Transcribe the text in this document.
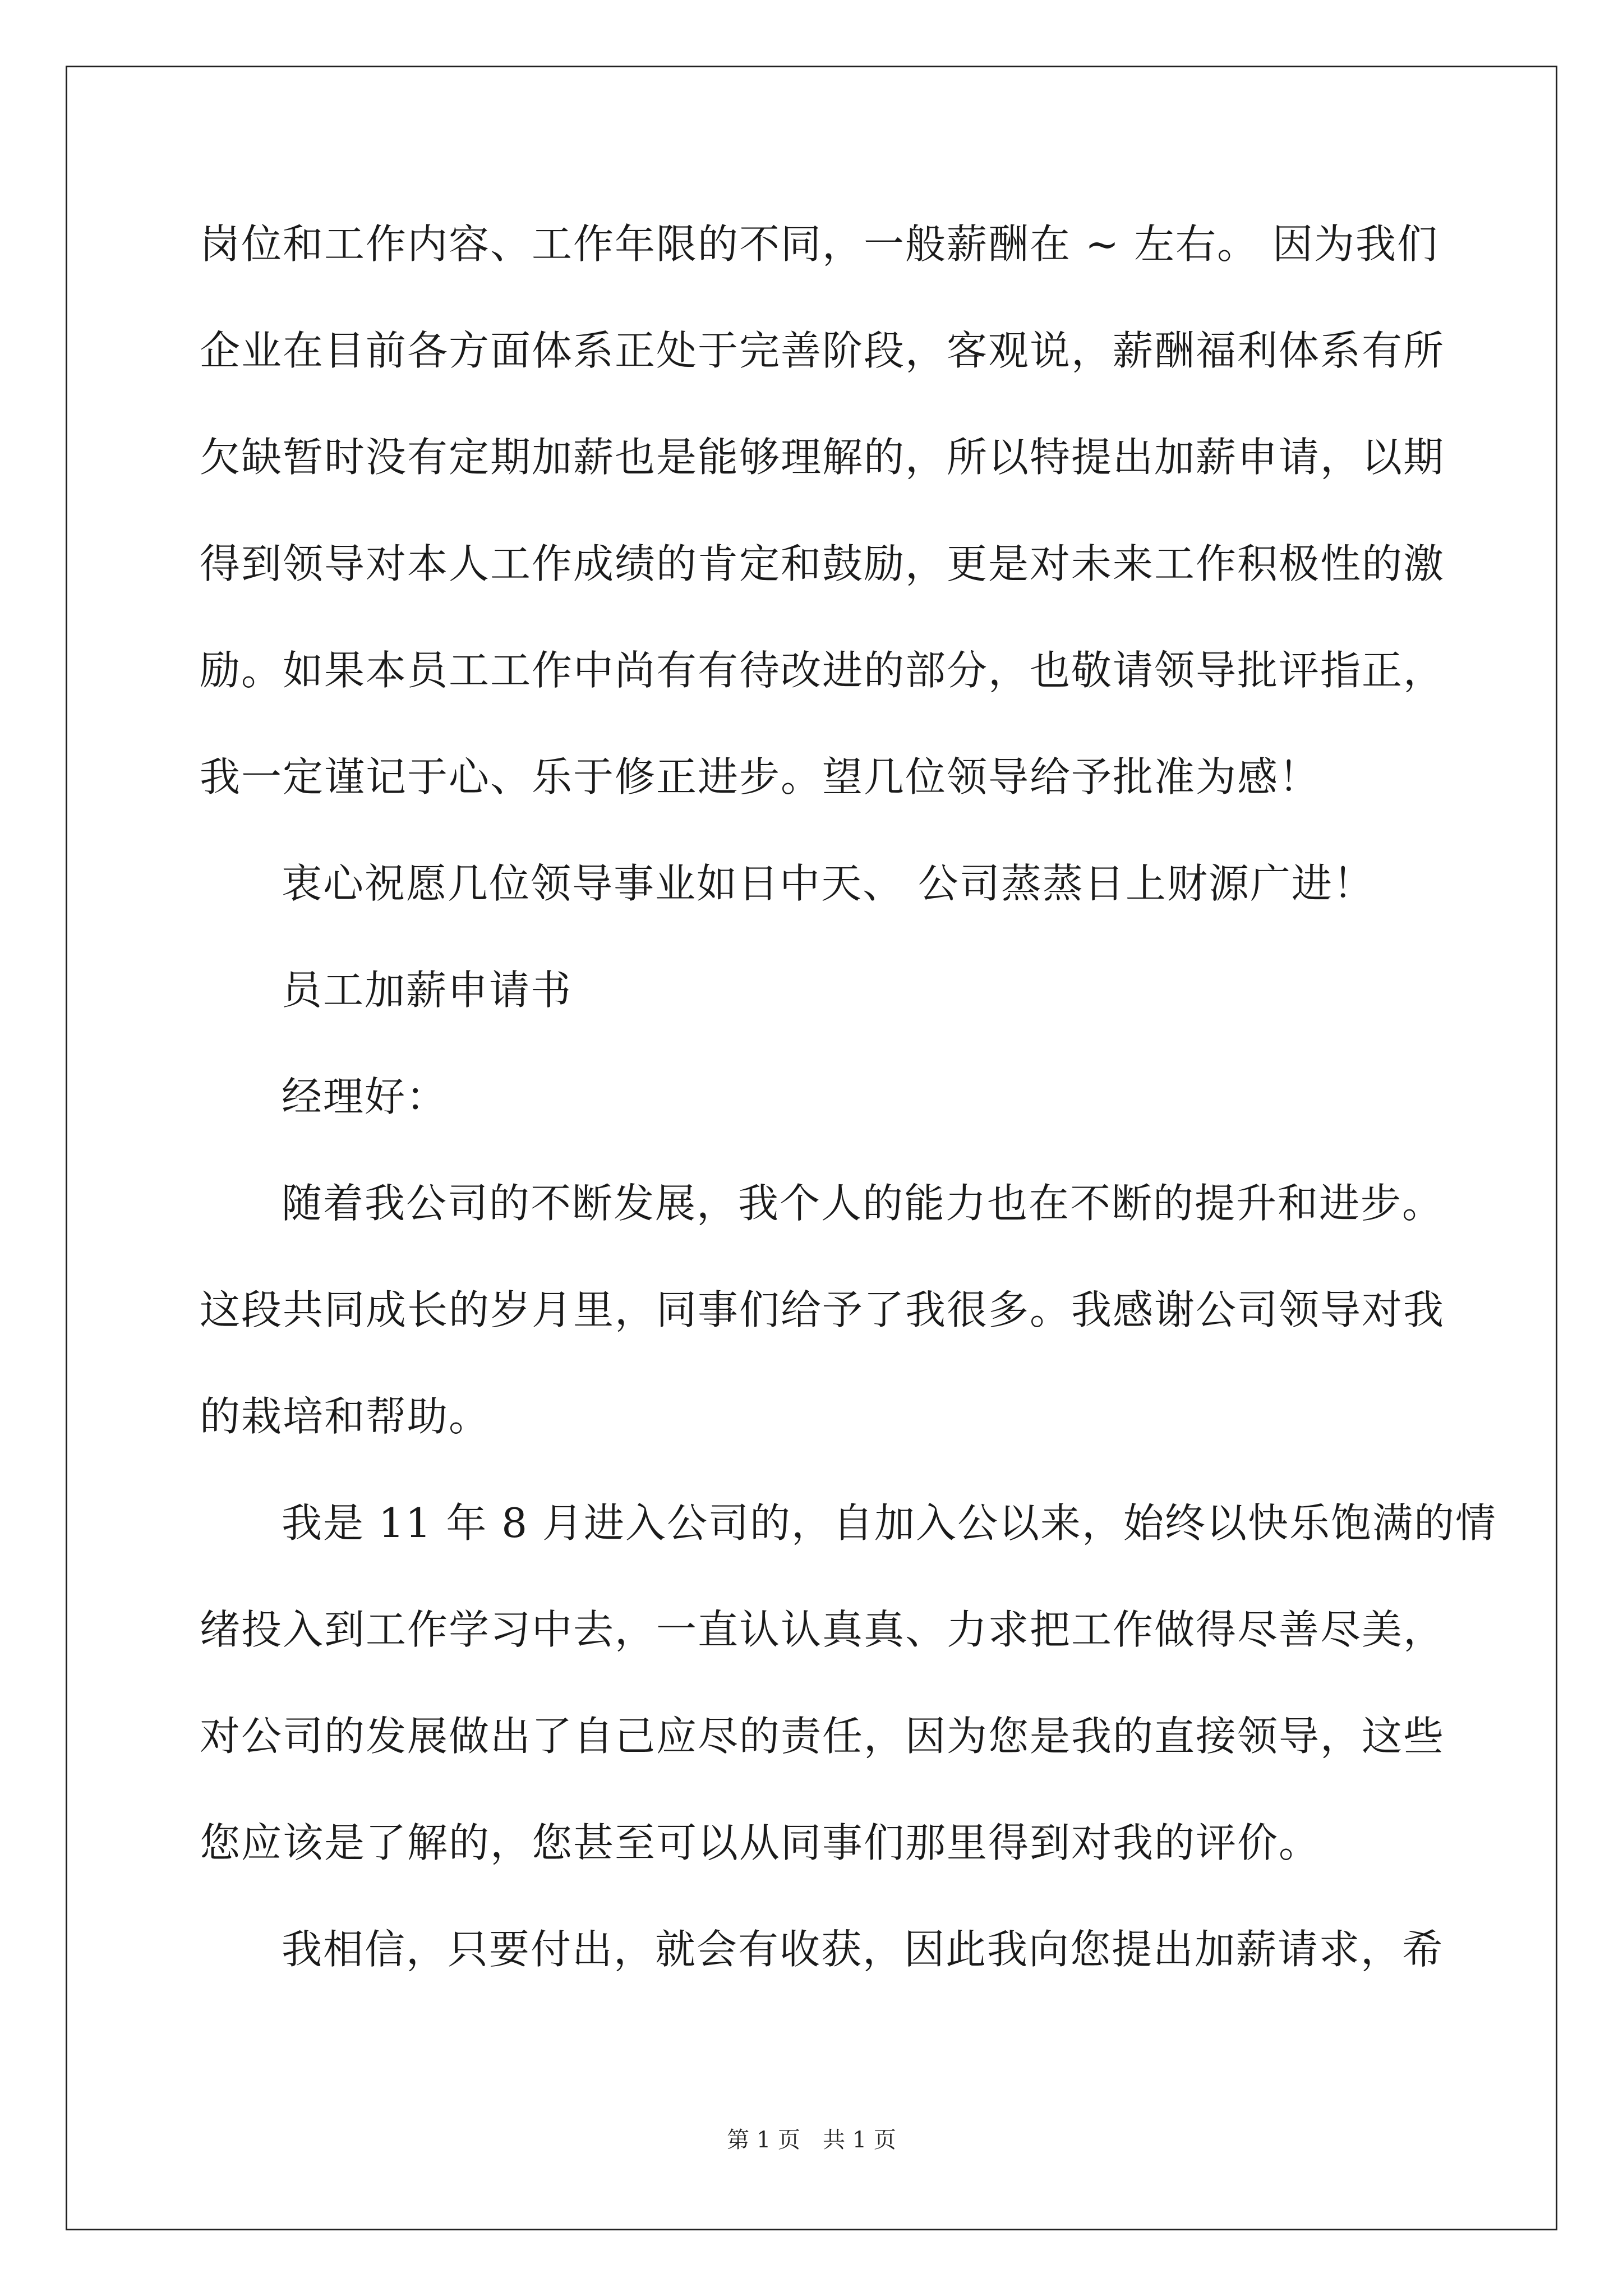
岗位和工作内容、工作年限的不同，一般薪酬在 ~ 左右。 因为我们
企业在目前各方面体系正处于完善阶段，客观说，薪酬福利体系有所
欠缺暂时没有定期加薪也是能够理解的，所以特提出加薪申请，以期
得到领导对本人工作成绩的肯定和鼓励，更是对未来工作积极性的激
励。如果本员工工作中尚有有待改进的部分，也敬请领导批评指正，
我一定谨记于心、乐于修正进步。望几位领导给予批准为感！
衷心祝愿几位领导事业如日中天、 公司蒸蒸日上财源广进！
员工加薪申请书
经理好：
随着我公司的不断发展，我个人的能力也在不断的提升和进步。
这段共同成长的岁月里，同事们给予了我很多。我感谢公司领导对我
的栽培和帮助。
我是 11 年 8 月进入公司的，自加入公以来，始终以快乐饱满的情
绪投入到工作学习中去，一直认认真真、力求把工作做得尽善尽美，
对公司的发展做出了自己应尽的责任，因为您是我的直接领导，这些
您应该是了解的，您甚至可以从同事们那里得到对我的评价。
我相信，只要付出，就会有收获，因此我向您提出加薪请求，希
第 1 页 共 1 页
